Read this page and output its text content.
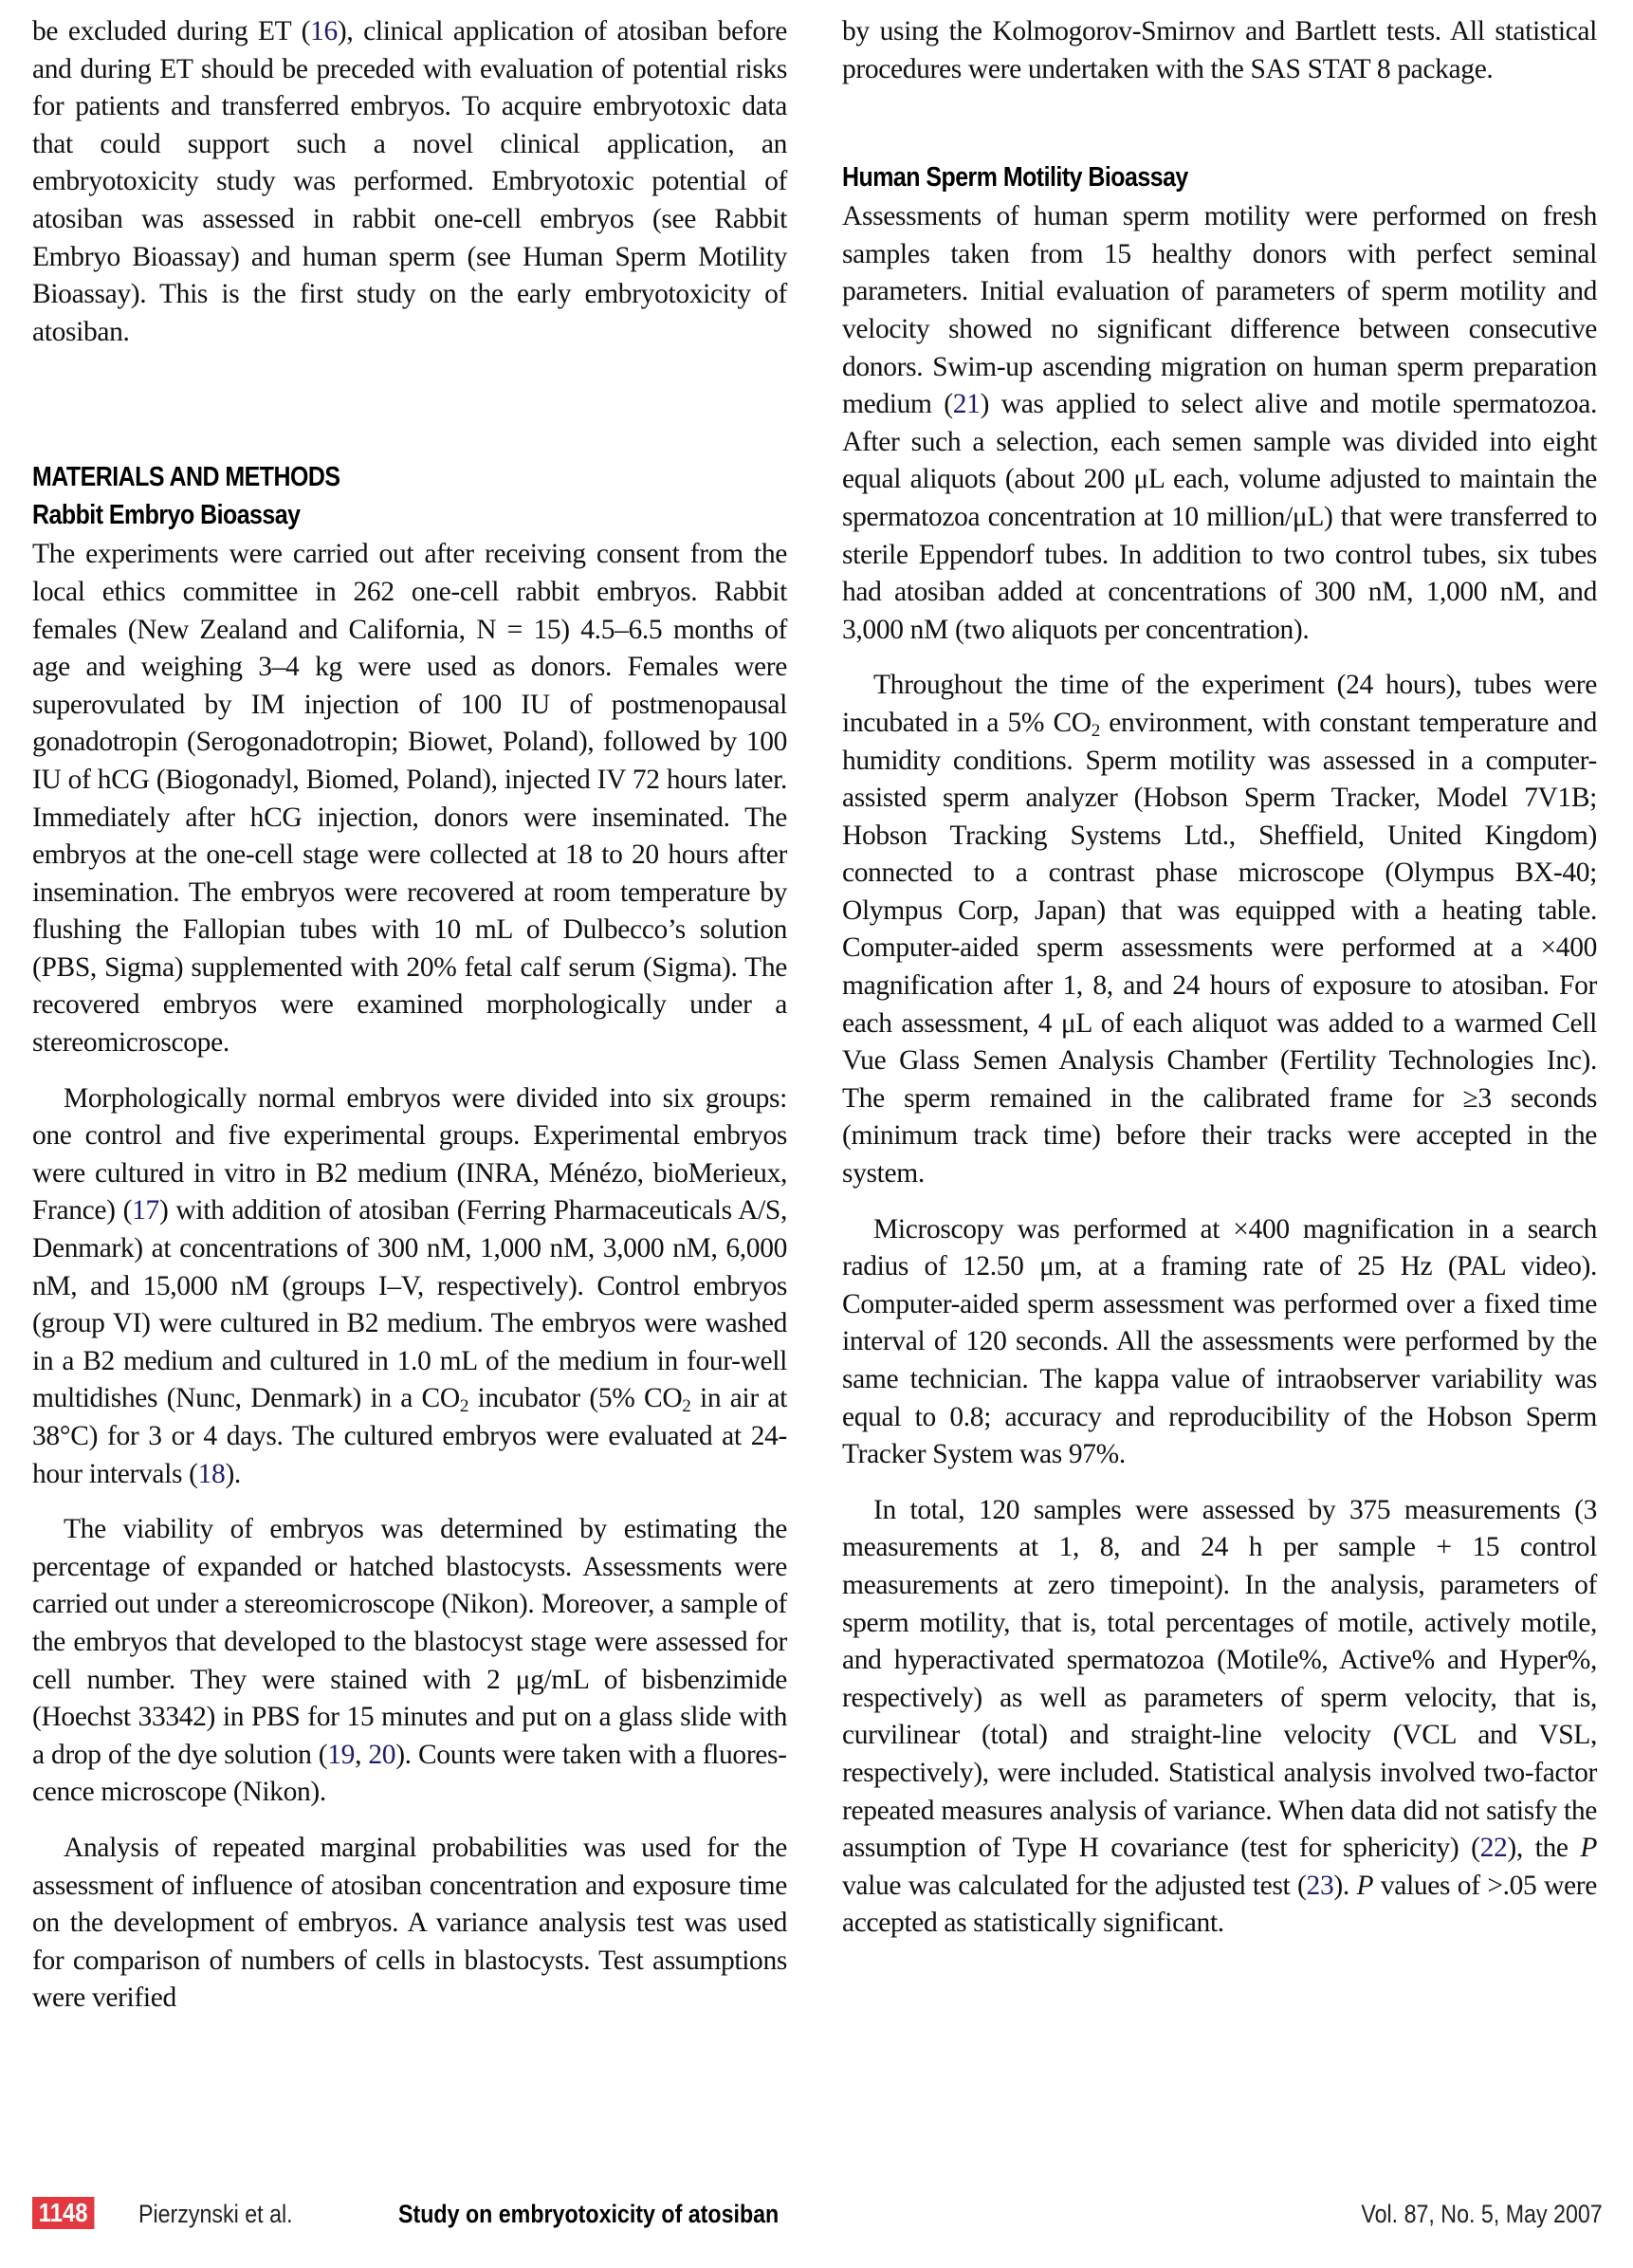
be excluded during ET (16), clinical application of atosiban before and during ET should be preceded with evaluation of potential risks for patients and transferred embryos. To acquire embryotoxic data that could support such a novel clinical application, an embryotoxicity study was performed. Embryotoxic potential of atosiban was assessed in rabbit one-cell embryos (see Rabbit Embryo Bioassay) and human sperm (see Human Sperm Motility Bioassay). This is the first study on the early embryotoxicity of atosiban.

MATERIALS AND METHODS
Rabbit Embryo Bioassay

The experiments were carried out after receiving consent from the local ethics committee in 262 one-cell rabbit embryos. Rabbit females (New Zealand and California, N = 15) 4.5–6.5 months of age and weighing 3–4 kg were used as donors. Females were superovulated by IM injection of 100 IU of postmenopausal gonadotropin (Serogonadotropin; Biowet, Poland), followed by 100 IU of hCG (Biogonadyl, Biomed, Poland), injected IV 72 hours later. Immediately after hCG injection, donors were inseminated. The embryos at the one-cell stage were collected at 18 to 20 hours after insemination. The embryos were recovered at room temperature by flushing the Fallopian tubes with 10 mL of Dulbecco’s solution (PBS, Sigma) supplemented with 20% fetal calf serum (Sigma). The recovered embryos were examined morphologically under a stereomicroscope.

Morphologically normal embryos were divided into six groups: one control and five experimental groups. Experimental embryos were cultured in vitro in B2 medium (INRA, Ménézo, bioMerieux, France) (17) with addition of atosiban (Ferring Pharmaceuticals A/S, Denmark) at concentrations of 300 nM, 1,000 nM, 3,000 nM, 6,000 nM, and 15,000 nM (groups I–V, respectively). Control embryos (group VI) were cultured in B2 medium. The embryos were washed in a B2 medium and cultured in 1.0 mL of the medium in four-well multidishes (Nunc, Denmark) in a $CO_2$ incubator (5% $CO_2$ in air at 38°C) for 3 or 4 days. The cultured embryos were evaluated at 24-hour intervals (18).

The viability of embryos was determined by estimating the percentage of expanded or hatched blastocysts. Assessments were carried out under a stereomicroscope (Nikon). Moreover, a sample of the embryos that developed to the blastocyst stage were assessed for cell number. They were stained with 2 μg/mL of bisbenzimide (Hoechst 33342) in PBS for 15 minutes and put on a glass slide with a drop of the dye solution (19, 20). Counts were taken with a fluorescence microscope (Nikon).

Analysis of repeated marginal probabilities was used for the assessment of influence of atosiban concentration and exposure time on the development of embryos. A variance analysis test was used for comparison of numbers of cells in blastocysts. Test assumptions were verified

by using the Kolmogorov-Smirnov and Bartlett tests. All statistical procedures were undertaken with the SAS STAT 8 package.

Human Sperm Motility Bioassay

Assessments of human sperm motility were performed on fresh samples taken from 15 healthy donors with perfect seminal parameters. Initial evaluation of parameters of sperm motility and velocity showed no significant difference between consecutive donors. Swim-up ascending migration on human sperm preparation medium (21) was applied to select alive and motile spermatozoa. After such a selection, each semen sample was divided into eight equal aliquots (about 200 μL each, volume adjusted to maintain the spermatozoa concentration at 10 million/μL) that were transferred to sterile Eppendorf tubes. In addition to two control tubes, six tubes had atosiban added at concentrations of 300 nM, 1,000 nM, and 3,000 nM (two aliquots per concentration).

Throughout the time of the experiment (24 hours), tubes were incubated in a 5% $CO_2$ environment, with constant temperature and humidity conditions. Sperm motility was assessed in a computer-assisted sperm analyzer (Hobson Sperm Tracker, Model 7V1B; Hobson Tracking Systems Ltd., Sheffield, United Kingdom) connected to a contrast phase microscope (Olympus BX-40; Olympus Corp, Japan) that was equipped with a heating table. Computer-aided sperm assessments were performed at a ×400 magnification after 1, 8, and 24 hours of exposure to atosiban. For each assessment, 4 μL of each aliquot was added to a warmed Cell Vue Glass Semen Analysis Chamber (Fertility Technologies Inc). The sperm remained in the calibrated frame for ≥3 seconds (minimum track time) before their tracks were accepted in the system.

Microscopy was performed at ×400 magnification in a search radius of 12.50 μm, at a framing rate of 25 Hz (PAL video). Computer-aided sperm assessment was performed over a fixed time interval of 120 seconds. All the assessments were performed by the same technician. The kappa value of intraobserver variability was equal to 0.8; accuracy and reproducibility of the Hobson Sperm Tracker System was 97%.

In total, 120 samples were assessed by 375 measurements (3 measurements at 1, 8, and 24 h per sample + 15 control measurements at zero timepoint). In the analysis, parameters of sperm motility, that is, total percentages of motile, actively motile, and hyperactivated spermatozoa (Motile%, Active% and Hyper%, respectively) as well as parameters of sperm velocity, that is, curvilinear (total) and straight-line velocity (VCL and VSL, respectively), were included. Statistical analysis involved two-factor repeated measures analysis of variance. When data did not satisfy the assumption of Type H covariance (test for sphericity) (22), the P value was calculated for the adjusted test (23). P values of >.05 were accepted as statistically significant.

1148 Pierzynski et al.	Study on embryotoxicity of atosiban	Vol. 87, No. 5, May 2007
